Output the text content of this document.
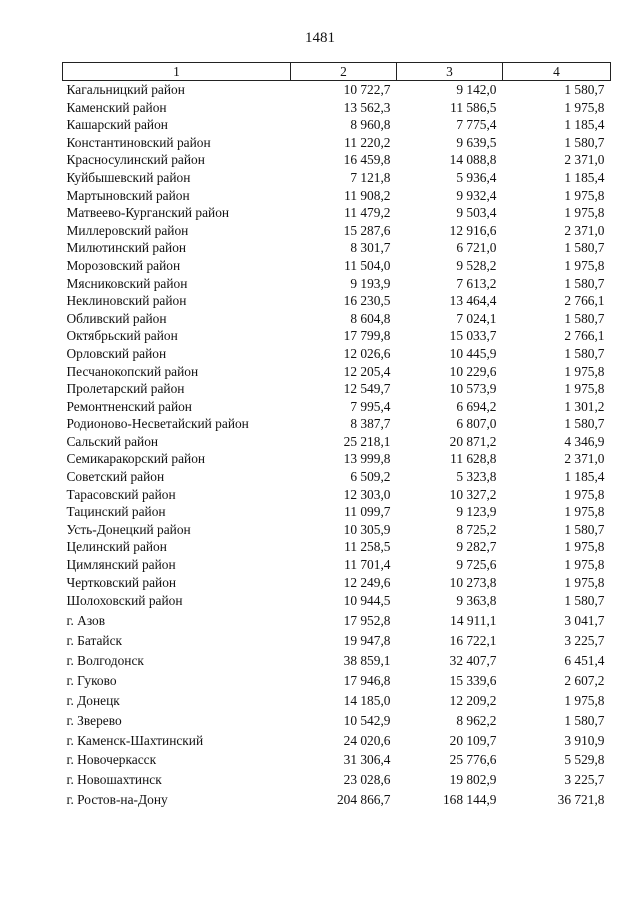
1481
1	2	3	4
Кагальницкий район	10 722,7	9 142,0	1 580,7
Каменский район	13 562,3	11 586,5	1 975,8
Кашарский район	8 960,8	7 775,4	1 185,4
Константиновский район	11 220,2	9 639,5	1 580,7
Красносулинский район	16 459,8	14 088,8	2 371,0
Куйбышевский район	7 121,8	5 936,4	1 185,4
Мартыновский район	11 908,2	9 932,4	1 975,8
Матвеево-Курганский район	11 479,2	9 503,4	1 975,8
Миллеровский район	15 287,6	12 916,6	2 371,0
Милютинский район	8 301,7	6 721,0	1 580,7
Морозовский район	11 504,0	9 528,2	1 975,8
Мясниковский район	9 193,9	7 613,2	1 580,7
Неклиновский район	16 230,5	13 464,4	2 766,1
Обливский район	8 604,8	7 024,1	1 580,7
Октябрьский район	17 799,8	15 033,7	2 766,1
Орловский район	12 026,6	10 445,9	1 580,7
Песчанокопский район	12 205,4	10 229,6	1 975,8
Пролетарский район	12 549,7	10 573,9	1 975,8
Ремонтненский район	7 995,4	6 694,2	1 301,2
Родионово-Несветайский район	8 387,7	6 807,0	1 580,7
Сальский район	25 218,1	20 871,2	4 346,9
Семикаракорский район	13 999,8	11 628,8	2 371,0
Советский район	6 509,2	5 323,8	1 185,4
Тарасовский район	12 303,0	10 327,2	1 975,8
Тацинский район	11 099,7	9 123,9	1 975,8
Усть-Донецкий район	10 305,9	8 725,2	1 580,7
Целинский район	11 258,5	9 282,7	1 975,8
Цимлянский район	11 701,4	9 725,6	1 975,8
Чертковский район	12 249,6	10 273,8	1 975,8
Шолоховский район	10 944,5	9 363,8	1 580,7
г. Азов	17 952,8	14 911,1	3 041,7
г. Батайск	19 947,8	16 722,1	3 225,7
г. Волгодонск	38 859,1	32 407,7	6 451,4
г. Гуково	17 946,8	15 339,6	2 607,2
г. Донецк	14 185,0	12 209,2	1 975,8
г. Зверево	10 542,9	8 962,2	1 580,7
г. Каменск-Шахтинский	24 020,6	20 109,7	3 910,9
г. Новочеркасск	31 306,4	25 776,6	5 529,8
г. Новошахтинск	23 028,6	19 802,9	3 225,7
г. Ростов-на-Дону	204 866,7	168 144,9	36 721,8
